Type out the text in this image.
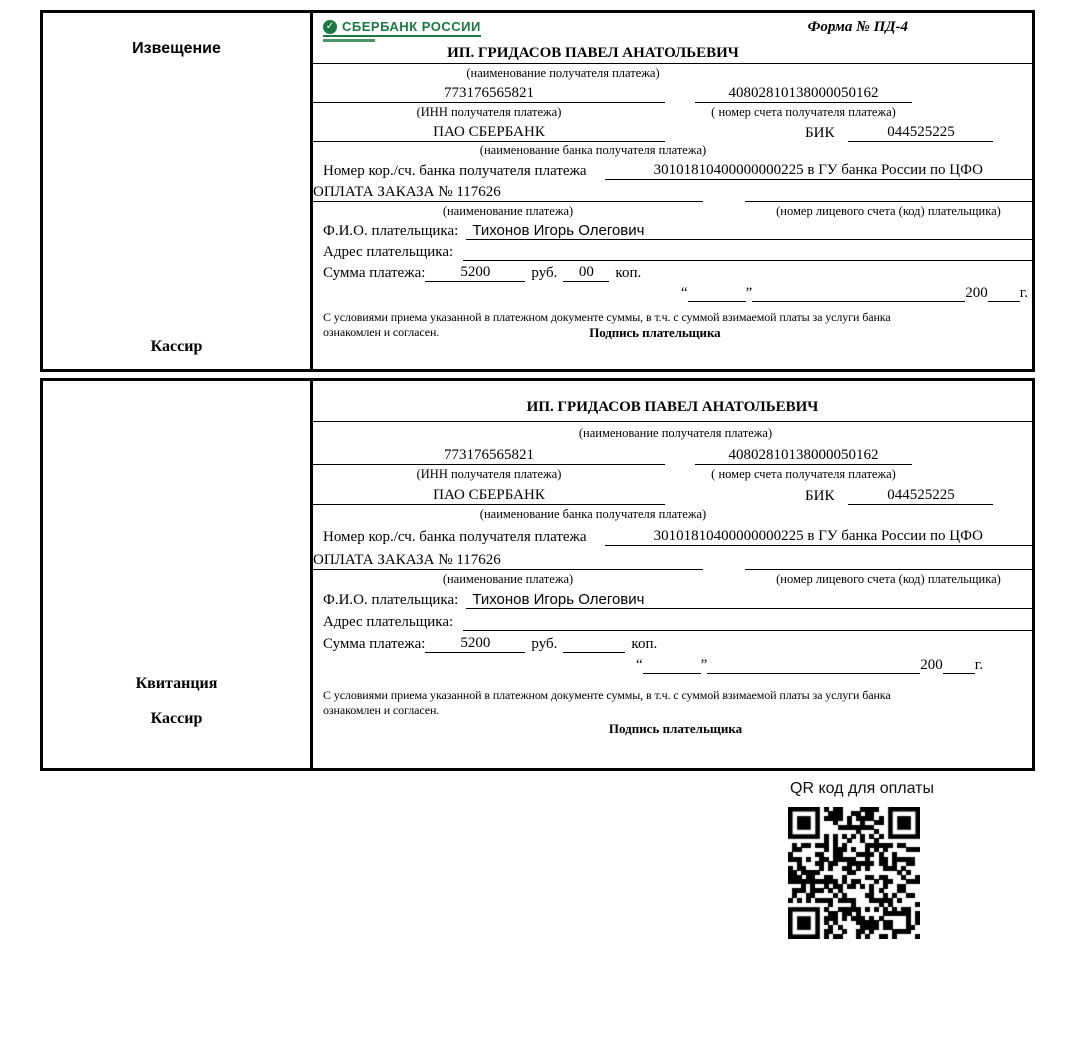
Извещение
Кассир
✓ СБЕРБАНК РОССИИ	Форма № ПД-4
ИП. ГРИДАСОВ ПАВЕЛ АНАТОЛЬЕВИЧ
(наименование получателя платежа)
773176565821	40802810138000050162
(ИНН получателя платежа)	( номер счета получателя платежа)
ПАО СБЕРБАНК	БИК	044525225
(наименование банка получателя платежа)
Номер кор./сч. банка получателя платежа	30101810400000000225 в ГУ банка России по ЦФО
ОПЛАТА ЗАКАЗА № 117626
(наименование платежа)	(номер лицевого счета (код) плательщика)
Ф.И.О. плательщика: Тихонов Игорь Олегович
Адрес плательщика:
Сумма платежа:	5200	руб.	00	коп.
“	”	200 г.
С условиями приема указанной в платежном документе суммы, в т.ч. с суммой взимаемой платы за услуги банка
ознакомлен и согласен.	Подпись плательщика
Квитанция
Кассир
ИП. ГРИДАСОВ ПАВЕЛ АНАТОЛЬЕВИЧ
(наименование получателя платежа)
773176565821	40802810138000050162
(ИНН получателя платежа)	( номер счета получателя платежа)
ПАО СБЕРБАНК	БИК	044525225
(наименование банка получателя платежа)
Номер кор./сч. банка получателя платежа	30101810400000000225 в ГУ банка России по ЦФО
ОПЛАТА ЗАКАЗА № 117626
(наименование платежа)	(номер лицевого счета (код) плательщика)
Ф.И.О. плательщика: Тихонов Игорь Олегович
Адрес плательщика:
Сумма платежа:	5200	руб.	коп.
“	”	200 г.
С условиями приема указанной в платежном документе суммы, в т.ч. с суммой взимаемой платы за услуги банка
ознакомлен и согласен.
Подпись плательщика
QR код для оплаты
